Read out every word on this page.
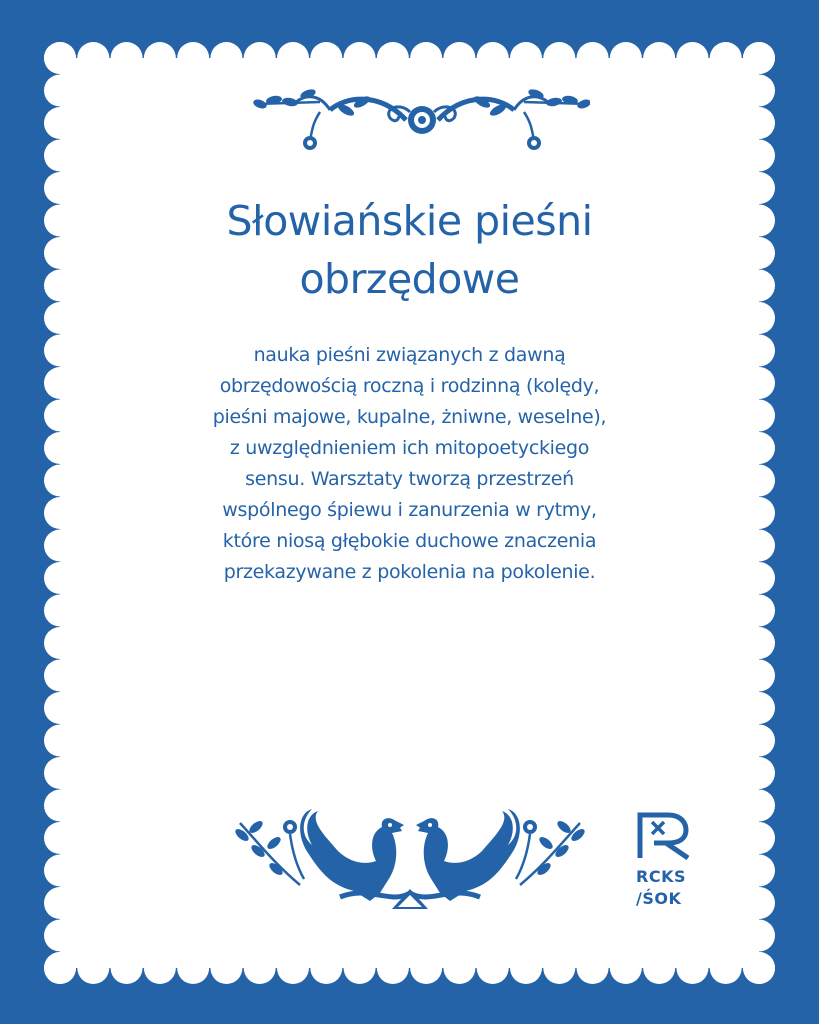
Słowiańskie pieśni
obrzędowe
nauka pieśni związanych z dawną
obrzędowością roczną i rodzinną (kolędy,
pieśni majowe, kupalne, żniwne, weselne),
z uwzględnieniem ich mitopoetyckiego
sensu. Warsztaty tworzą przestrzeń
wspólnego śpiewu i zanurzenia w rytmy,
które niosą głębokie duchowe znaczenia
przekazywane z pokolenia na pokolenie.
RCKS
/ŚOK
